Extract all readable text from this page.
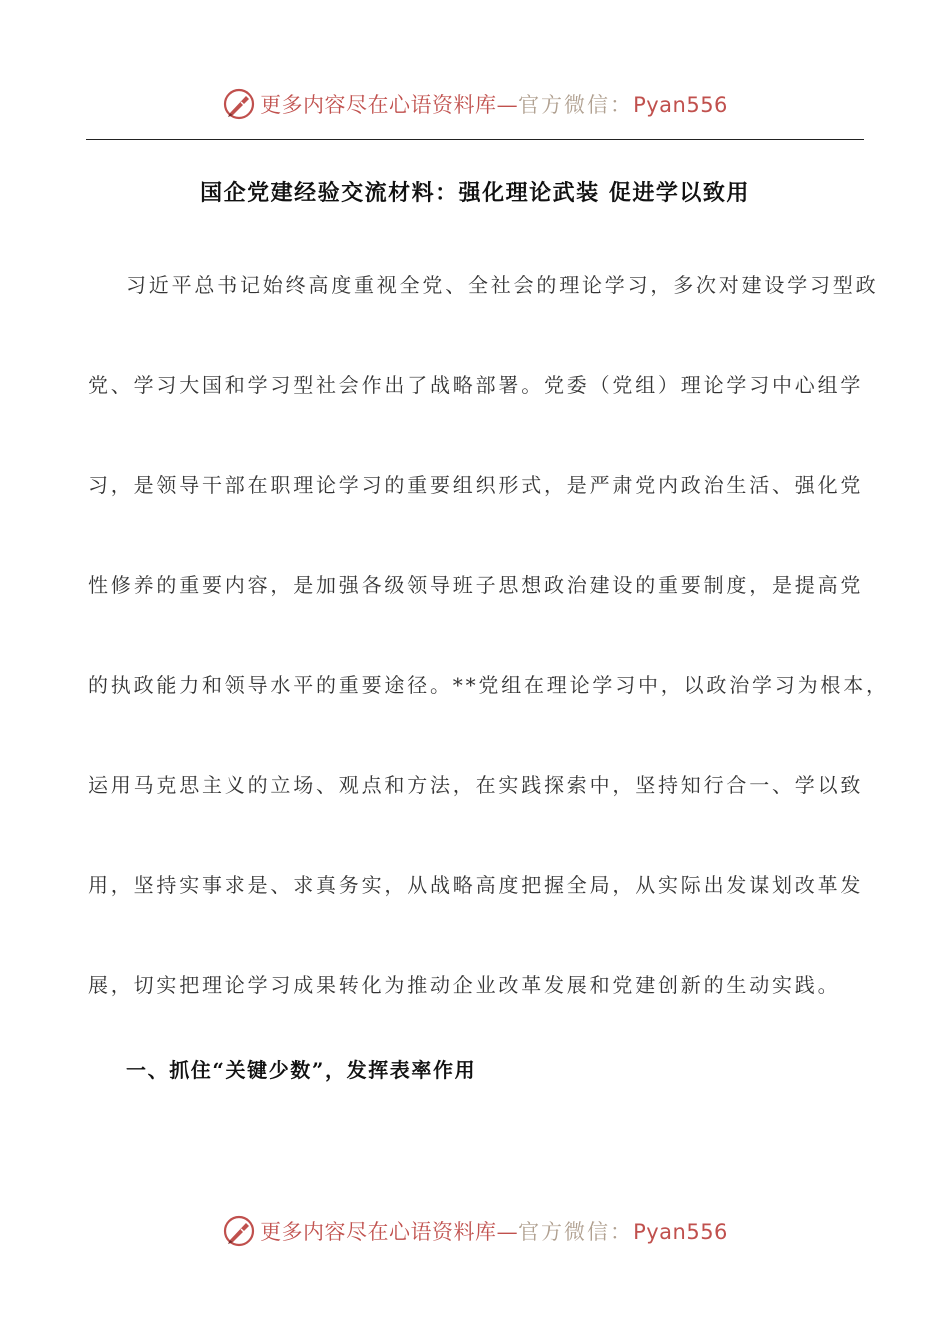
更多内容尽在心语资料库—官方微信：Pyan556
国企党建经验交流材料：强化理论武装 促进学以致用
习近平总书记始终高度重视全党、全社会的理论学习，多次对建设学习型政
党、学习大国和学习型社会作出了战略部署。党委（党组）理论学习中心组学
习，是领导干部在职理论学习的重要组织形式，是严肃党内政治生活、强化党
性修养的重要内容，是加强各级领导班子思想政治建设的重要制度，是提高党
的执政能力和领导水平的重要途径。**党组在理论学习中，以政治学习为根本，
运用马克思主义的立场、观点和方法，在实践探索中，坚持知行合一、学以致
用，坚持实事求是、求真务实，从战略高度把握全局，从实际出发谋划改革发
展，切实把理论学习成果转化为推动企业改革发展和党建创新的生动实践。
一、抓住“关键少数”，发挥表率作用
更多内容尽在心语资料库—官方微信：Pyan556
